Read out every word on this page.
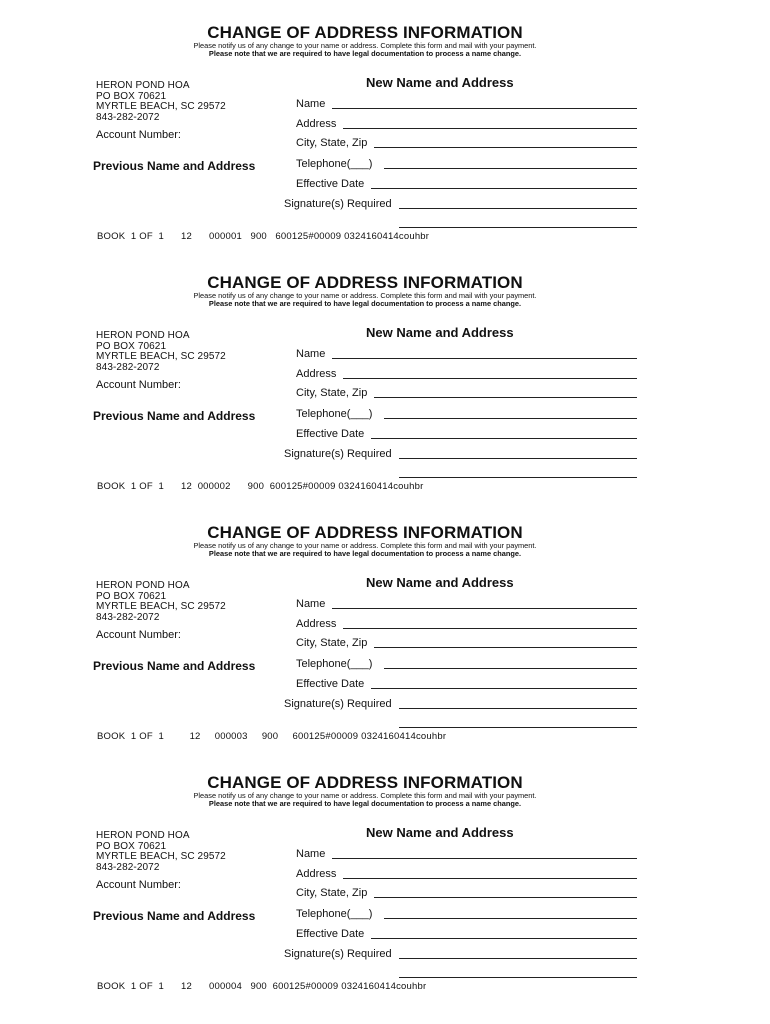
CHANGE OF ADDRESS INFORMATION
Please notify us of any change to your name or address. Complete this form and mail with your payment.
Please note that we are required to have legal documentation to process a name change.
HERON POND HOA
PO BOX 70621
MYRTLE BEACH, SC 29572
843-282-2072
Account Number:
Previous Name and Address
New Name and Address
Name
Address
City, State, Zip
Telephone(___)
Effective Date
Signature(s) Required
BOOK  1 OF  1      12      000001   900   600125#00009 0324160414couhbr
CHANGE OF ADDRESS INFORMATION
Please notify us of any change to your name or address. Complete this form and mail with your payment.
Please note that we are required to have legal documentation to process a name change.
HERON POND HOA
PO BOX 70621
MYRTLE BEACH, SC 29572
843-282-2072
Account Number:
Previous Name and Address
New Name and Address
Name
Address
City, State, Zip
Telephone(___)
Effective Date
Signature(s) Required
BOOK  1 OF  1      12  000002      900  600125#00009 0324160414couhbr
CHANGE OF ADDRESS INFORMATION
Please notify us of any change to your name or address. Complete this form and mail with your payment.
Please note that we are required to have legal documentation to process a name change.
HERON POND HOA
PO BOX 70621
MYRTLE BEACH, SC 29572
843-282-2072
Account Number:
Previous Name and Address
New Name and Address
Name
Address
City, State, Zip
Telephone(___)
Effective Date
Signature(s) Required
BOOK  1 OF  1         12     000003     900     600125#00009 0324160414couhbr
CHANGE OF ADDRESS INFORMATION
Please notify us of any change to your name or address. Complete this form and mail with your payment.
Please note that we are required to have legal documentation to process a name change.
HERON POND HOA
PO BOX 70621
MYRTLE BEACH, SC 29572
843-282-2072
Account Number:
Previous Name and Address
New Name and Address
Name
Address
City, State, Zip
Telephone(___)
Effective Date
Signature(s) Required
BOOK  1 OF  1      12      000004   900  600125#00009 0324160414couhbr
